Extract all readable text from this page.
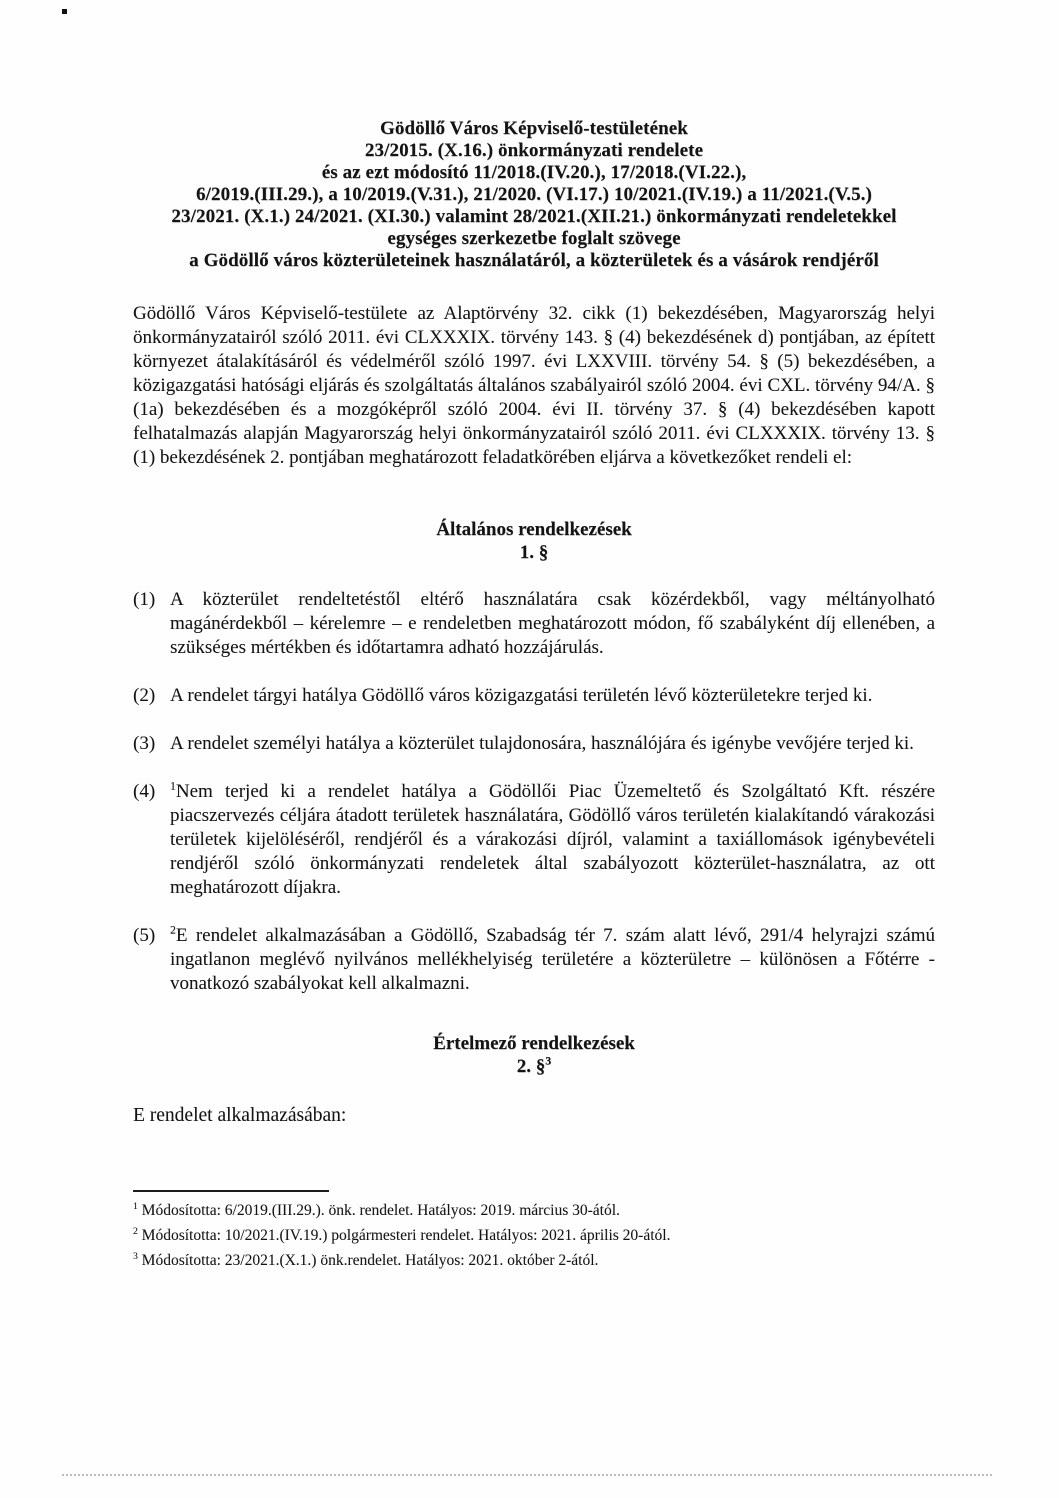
Gödöllő Város Képviselő-testületének
23/2015. (X.16.) önkormányzati rendelete
és az ezt módosító 11/2018.(IV.20.), 17/2018.(VI.22.),
6/2019.(III.29.), a 10/2019.(V.31.), 21/2020. (VI.17.) 10/2021.(IV.19.) a 11/2021.(V.5.)
23/2021. (X.1.) 24/2021. (XI.30.) valamint 28/2021.(XII.21.) önkormányzati rendeletekkel
egységes szerkezetbe foglalt szövege
a Gödöllő város közterületeinek használatáról, a közterületek és a vásárok rendjéről

Gödöllő Város Képviselő-testülete az Alaptörvény 32. cikk (1) bekezdésében, Magyarország helyi önkormányzatairól szóló 2011. évi CLXXXIX. törvény 143. § (4) bekezdésének d) pontjában, az épített környezet átalakításáról és védelméről szóló 1997. évi LXXVIII. törvény 54. § (5) bekezdésében, a közigazgatási hatósági eljárás és szolgáltatás általános szabályairól szóló 2004. évi CXL. törvény 94/A. § (1a) bekezdésében és a mozgóképről szóló 2004. évi II. törvény 37. § (4) bekezdésében kapott felhatalmazás alapján Magyarország helyi önkormányzatairól szóló 2011. évi CLXXXIX. törvény 13. § (1) bekezdésének 2. pontjában meghatározott feladatkörében eljárva a következőket rendeli el:

Általános rendelkezések
1. §
(1) A közterület rendeltetéstől eltérő használatára csak közérdekből, vagy méltányolható magánérdekből – kérelemre – e rendeletben meghatározott módon, fő szabályként díj ellenében, a szükséges mértékben és időtartamra adható hozzájárulás.
(2) A rendelet tárgyi hatálya Gödöllő város közigazgatási területén lévő közterületekre terjed ki.
(3) A rendelet személyi hatálya a közterület tulajdonosára, használójára és igénybe vevőjére terjed ki.
(4) $^1$Nem terjed ki a rendelet hatálya a Gödöllői Piac Üzemeltető és Szolgáltató Kft. részére piacszervezés céljára átadott területek használatára, Gödöllő város területén kialakítandó várakozási területek kijelöléséről, rendjéről és a várakozási díjról, valamint a taxiállomások igénybevételi rendjéről szóló önkormányzati rendeletek által szabályozott közterület-használatra, az ott meghatározott díjakra.
(5) $^2$E rendelet alkalmazásában a Gödöllő, Szabadság tér 7. szám alatt lévő, 291/4 helyrajzi számú ingatlanon meglévő nyilvános mellékhelyiség területére a közterületre – különösen a Főtérre - vonatkozó szabályokat kell alkalmazni.
Értelmező rendelkezések
2. §$^3$

E rendelet alkalmazásában:

$^1$ Módosította: 6/2019.(III.29.). önk. rendelet. Hatályos: 2019. március 30-ától.
$^2$ Módosította: 10/2021.(IV.19.) polgármesteri rendelet. Hatályos: 2021. április 20-ától.
$^3$ Módosította: 23/2021.(X.1.) önk.rendelet. Hatályos: 2021. október 2-ától.
